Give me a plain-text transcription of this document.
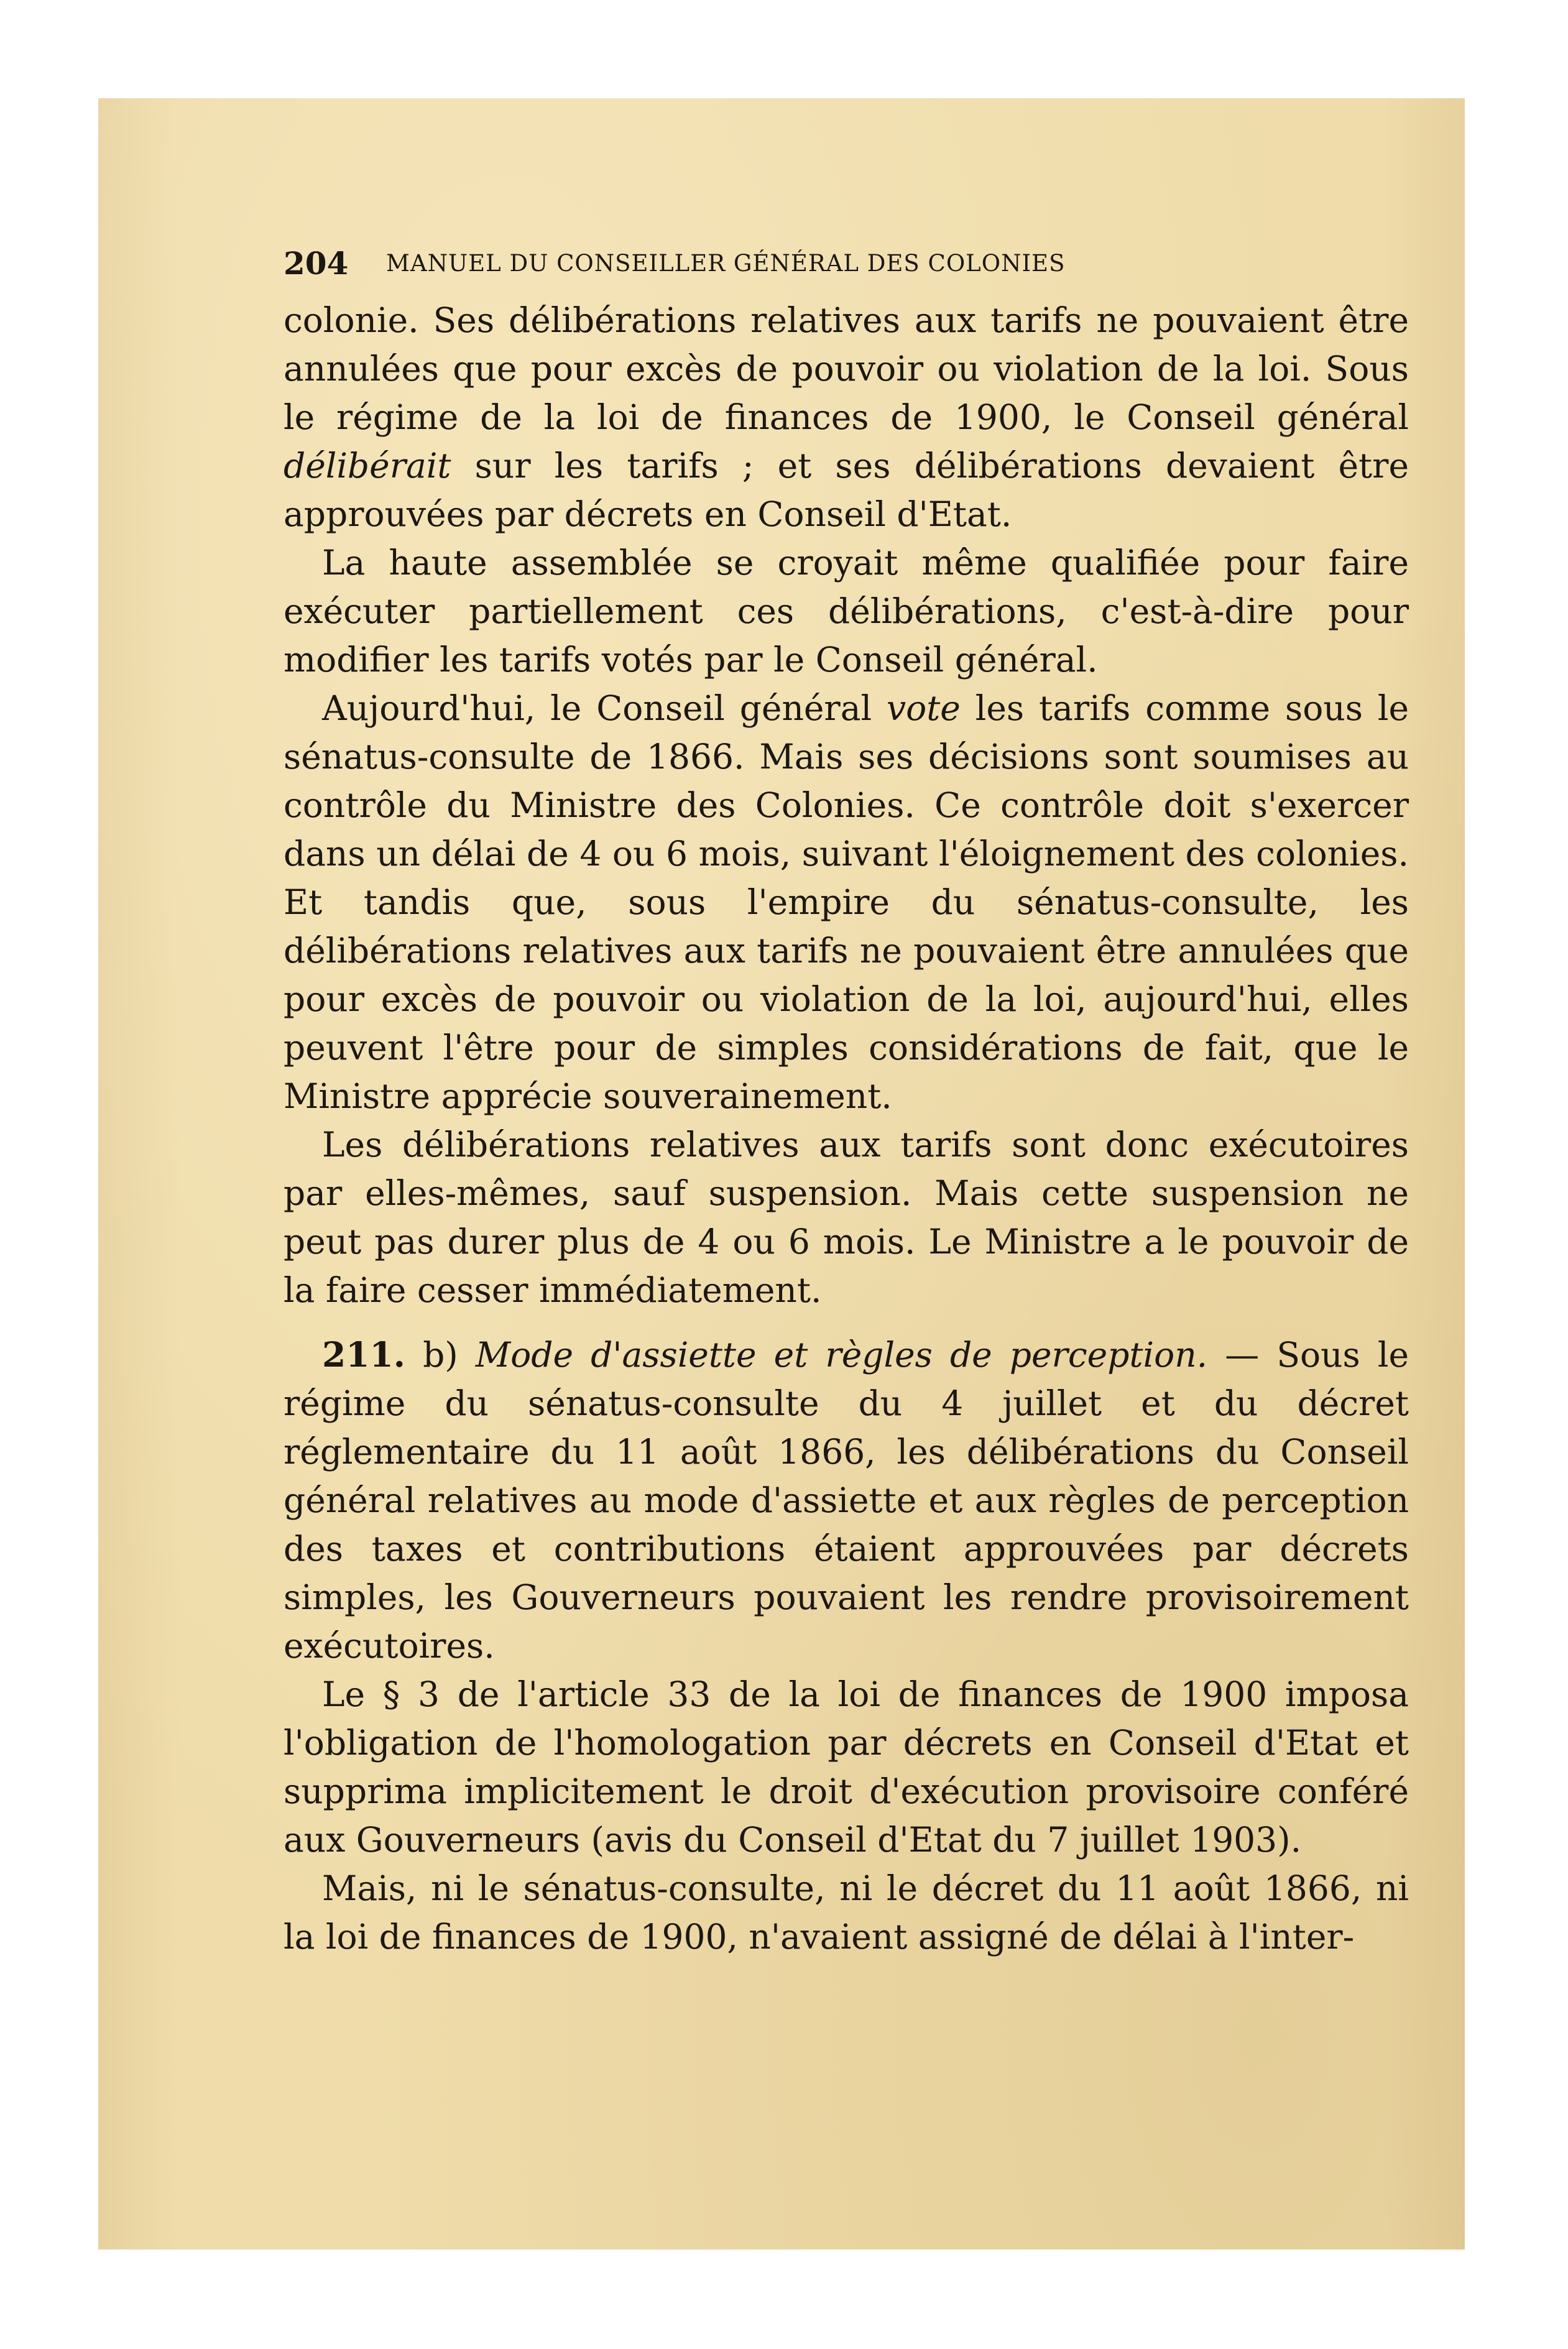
204 MANUEL DU CONSEILLER GÉNÉRAL DES COLONIES

colonie. Ses délibérations relatives aux tarifs ne pouvaient être annulées que pour excès de pouvoir ou violation de la loi. Sous le régime de la loi de finances de 1900, le Conseil général délibérait sur les tarifs ; et ses délibérations devaient être approuvées par décrets en Conseil d'Etat.

La haute assemblée se croyait même qualifiée pour faire exécuter partiellement ces délibérations, c'est-à-dire pour modifier les tarifs votés par le Conseil général.

Aujourd'hui, le Conseil général vote les tarifs comme sous le sénatus-consulte de 1866. Mais ses décisions sont soumises au contrôle du Ministre des Colonies. Ce contrôle doit s'exercer dans un délai de 4 ou 6 mois, suivant l'éloignement des colonies. Et tandis que, sous l'empire du sénatus-consulte, les délibérations relatives aux tarifs ne pouvaient être annulées que pour excès de pouvoir ou violation de la loi, aujourd'hui, elles peuvent l'être pour de simples considérations de fait, que le Ministre apprécie souverainement.

Les délibérations relatives aux tarifs sont donc exécutoires par elles-mêmes, sauf suspension. Mais cette suspension ne peut pas durer plus de 4 ou 6 mois. Le Ministre a le pouvoir de la faire cesser immédiatement.

211. b) Mode d'assiette et règles de perception. — Sous le régime du sénatus-consulte du 4 juillet et du décret réglementaire du 11 août 1866, les délibérations du Conseil général relatives au mode d'assiette et aux règles de perception des taxes et contributions étaient approuvées par décrets simples, les Gouverneurs pouvaient les rendre provisoirement exécutoires.

Le § 3 de l'article 33 de la loi de finances de 1900 imposa l'obligation de l'homologation par décrets en Conseil d'Etat et supprima implicitement le droit d'exécution provisoire conféré aux Gouverneurs (avis du Conseil d'Etat du 7 juillet 1903).

Mais, ni le sénatus-consulte, ni le décret du 11 août 1866, ni la loi de finances de 1900, n'avaient assigné de délai à l'inter-
